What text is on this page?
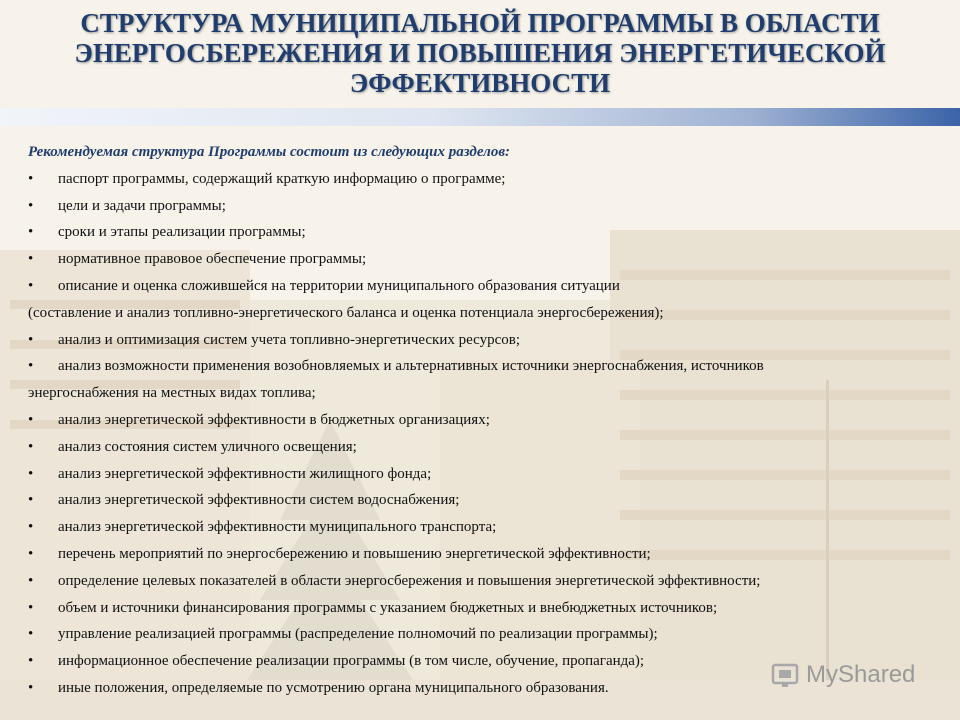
СТРУКТУРА МУНИЦИПАЛЬНОЙ ПРОГРАММЫ В ОБЛАСТИ
ЭНЕРГОСБЕРЕЖЕНИЯ И ПОВЫШЕНИЯ ЭНЕРГЕТИЧЕСКОЙ
ЭФФЕКТИВНОСТИ
Рекомендуемая структура Программы состоит из следующих разделов:
•	паспорт программы, содержащий краткую информацию о программе;
•	цели и задачи программы;
•	сроки и этапы реализации программы;
•	нормативное правовое обеспечение программы;
•	описание и оценка сложившейся на территории муниципального образования ситуации
(составление и анализ топливно-энергетического баланса и оценка потенциала энергосбережения);
•	анализ и оптимизация систем учета топливно-энергетических ресурсов;
•	анализ возможности применения возобновляемых и альтернативных источники энергоснабжения, источников
энергоснабжения на местных видах топлива;
•	анализ энергетической эффективности в бюджетных организациях;
•	анализ состояния систем уличного освещения;
•	анализ энергетической эффективности жилищного фонда;
•	анализ энергетической эффективности систем водоснабжения;
•	анализ энергетической эффективности муниципального транспорта;
•	перечень мероприятий по энергосбережению и повышению энергетической эффективности;
•	определение целевых показателей в области энергосбережения и повышения энергетической эффективности;
•	объем и источники финансирования программы с указанием бюджетных и внебюджетных источников;
•	управление реализацией программы (распределение полномочий по реализации программы);
•	информационное обеспечение реализации программы (в том числе, обучение, пропаганда);
•	иные положения, определяемые по усмотрению органа муниципального образования.	MyShared
